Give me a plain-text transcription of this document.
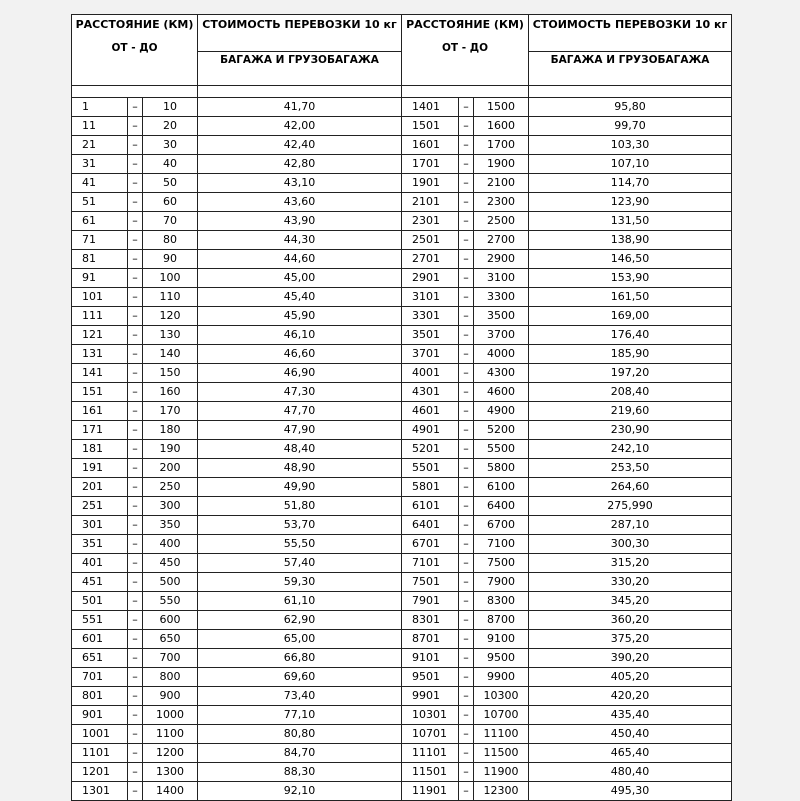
РАССТОЯНИЕ (КМ)			СТОИМОСТЬ ПЕРЕВОЗКИ 10 кг	РАССТОЯНИЕ (КМ)			СТОИМОСТЬ ПЕРЕВОЗКИ 10 кг
ОТ - ДО			БАГАЖА И ГРУЗОБАГАЖА	ОТ - ДО			БАГАЖА И ГРУЗОБАГАЖА

1	–	10	41,70	1401	–	1500	95,80
11	–	20	42,00	1501	–	1600	99,70
21	–	30	42,40	1601	–	1700	103,30
31	–	40	42,80	1701	–	1900	107,10
41	–	50	43,10	1901	–	2100	114,70
51	–	60	43,60	2101	–	2300	123,90
61	–	70	43,90	2301	–	2500	131,50
71	–	80	44,30	2501	–	2700	138,90
81	–	90	44,60	2701	–	2900	146,50
91	–	100	45,00	2901	–	3100	153,90
101	–	110	45,40	3101	–	3300	161,50
111	–	120	45,90	3301	–	3500	169,00
121	–	130	46,10	3501	–	3700	176,40
131	–	140	46,60	3701	–	4000	185,90
141	–	150	46,90	4001	–	4300	197,20
151	–	160	47,30	4301	–	4600	208,40
161	–	170	47,70	4601	–	4900	219,60
171	–	180	47,90	4901	–	5200	230,90
181	–	190	48,40	5201	–	5500	242,10
191	–	200	48,90	5501	–	5800	253,50
201	–	250	49,90	5801	–	6100	264,60
251	–	300	51,80	6101	–	6400	275,990
301	–	350	53,70	6401	–	6700	287,10
351	–	400	55,50	6701	–	7100	300,30
401	–	450	57,40	7101	–	7500	315,20
451	–	500	59,30	7501	–	7900	330,20
501	–	550	61,10	7901	–	8300	345,20
551	–	600	62,90	8301	–	8700	360,20
601	–	650	65,00	8701	–	9100	375,20
651	–	700	66,80	9101	–	9500	390,20
701	–	800	69,60	9501	–	9900	405,20
801	–	900	73,40	9901	–	10300	420,20
901	–	1000	77,10	10301	–	10700	435,40
1001	–	1100	80,80	10701	–	11100	450,40
1101	–	1200	84,70	11101	–	11500	465,40
1201	–	1300	88,30	11501	–	11900	480,40
1301	–	1400	92,10	11901	–	12300	495,30
